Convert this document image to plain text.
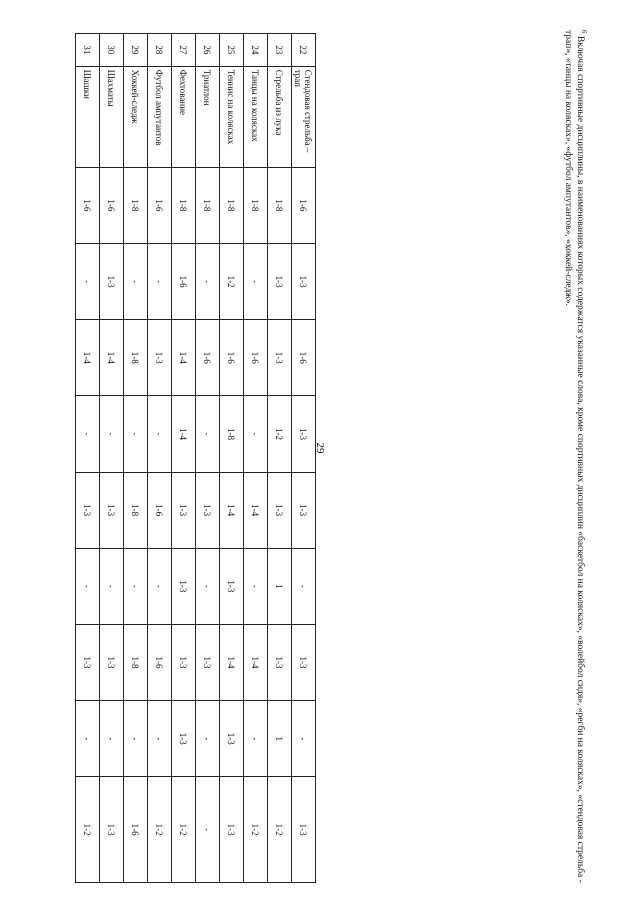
29
22	Стендовая стрельба – трап	1-6	1-3	1-6	1-3	1-3	-	1-3	-	1-3
23	Стрельба из лука	1-8	1-3	1-3	1-2	1-3	1	1-3	1	1-2
24	Танцы на колясках	1-8	-	1-6	-	1-4	-	1-4	-	1-2
25	Теннис на колясках	1-8	1-2	1-6	1-8	1-4	1-3	1-4	1-3	1-3
26	Триатлон	1-8	-	1-6	-	1-3	-	1-3	-	-
27	Фехтование	1-8	1-6	1-4	1-4	1-3	1-3	1-3	1-3	1-2
28	Футбол ампутантов	1-6	-	1-3	-	1-6	-	1-6	-	1-2
29	Хоккей-следж	1-8	-	1-8	-	1-8	-	1-8	-	1-6
30	Шахматы	1-6	1-3	1-4	-	1-3	-	1-3	-	1-3
31	Шашки	1-6	-	1-4	-	1-3	-	1-3	-	1-2
$^6$ Включая спортивные дисциплины, в наименованиях которых содержатся указанные слова, кроме спортивных дисциплин «баскетбол на колясках», «волейбол сидя», «регби на колясках», «стендовая стрельба - трап», «танцы на колясках», «футбол ампутантов», «хоккей-следж».
